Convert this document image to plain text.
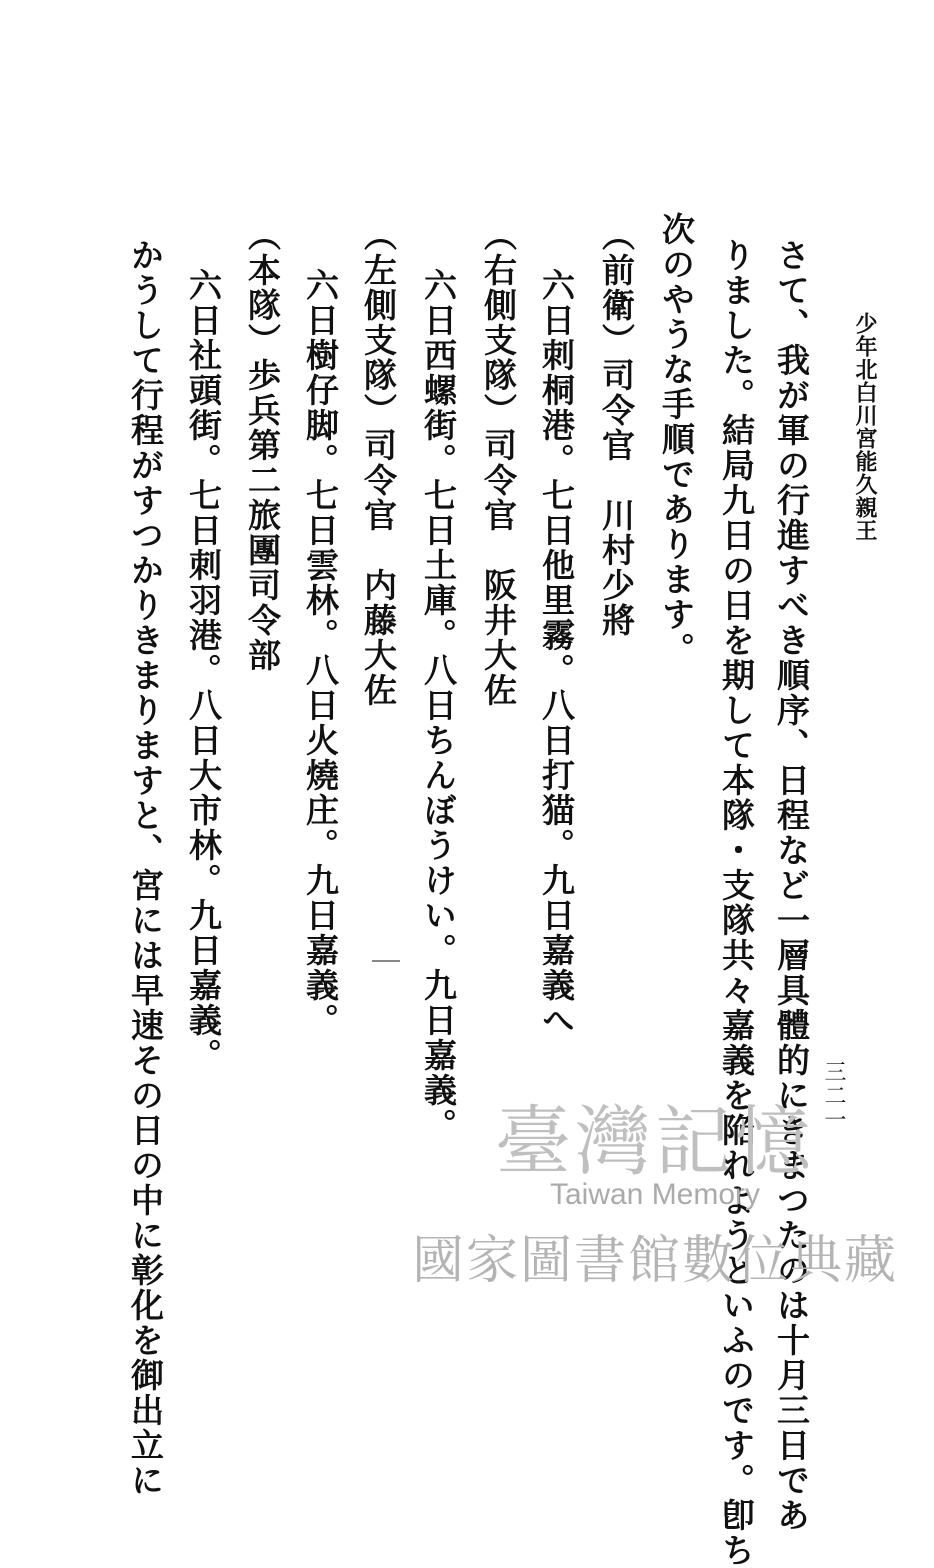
少年北白川宮能久親王
三二一
さて、我が軍の行進すべき順序、日程など一層具體的にきまつたのは十月三日であ
りました。結局九日の日を期して本隊・支隊共々嘉義を陥れようといふのです。卽ち
次のやうな手順であります。
（前衛）司令官　川村少將
六日刺桐港。七日他里霧。八日打猫。九日嘉義へ
（右側支隊）司令官　阪井大佐
六日西螺街。七日土庫。八日ちんぼうけい。九日嘉義。
（左側支隊）司令官　内藤大佐
六日樹仔脚。七日雲林。八日火燒庄。九日嘉義。
（本隊）歩兵第二旅團司令部
六日社頭街。七日刺羽港。八日大市林。九日嘉義。
かうして行程がすつかりきまりますと、宮には早速その日の中に彰化を御出立に	臺灣記憶
Taiwan Memory
國家圖書館數位典藏
